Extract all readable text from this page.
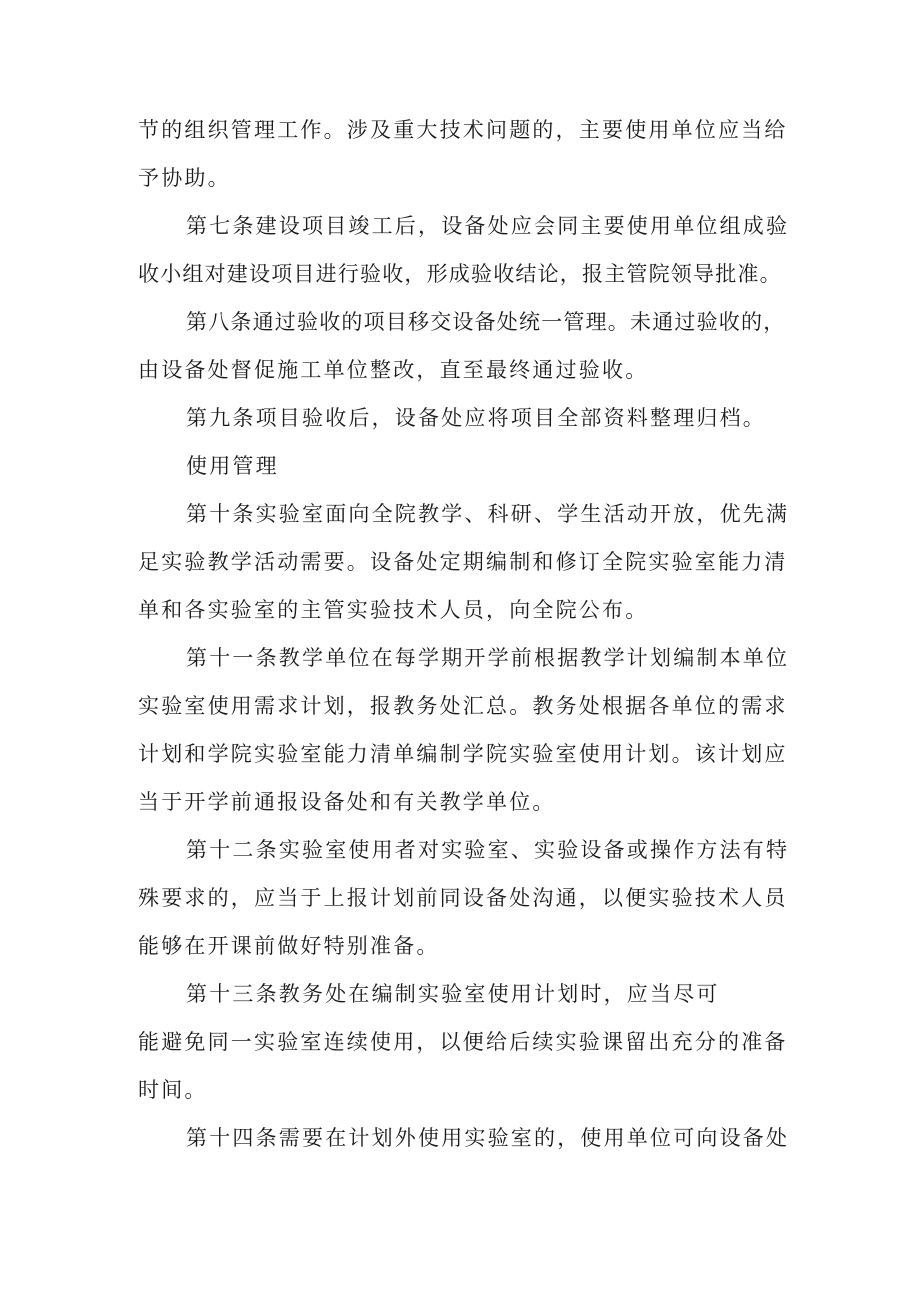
节的组织管理工作。涉及重大技术问题的，主要使用单位应当给
予协助。
第七条建设项目竣工后，设备处应会同主要使用单位组成验
收小组对建设项目进行验收，形成验收结论，报主管院领导批准。
第八条通过验收的项目移交设备处统一管理。未通过验收的，
由设备处督促施工单位整改，直至最终通过验收。
第九条项目验收后，设备处应将项目全部资料整理归档。
使用管理
第十条实验室面向全院教学、科研、学生活动开放，优先满
足实验教学活动需要。设备处定期编制和修订全院实验室能力清
单和各实验室的主管实验技术人员，向全院公布。
第十一条教学单位在每学期开学前根据教学计划编制本单位
实验室使用需求计划，报教务处汇总。教务处根据各单位的需求
计划和学院实验室能力清单编制学院实验室使用计划。该计划应
当于开学前通报设备处和有关教学单位。
第十二条实验室使用者对实验室、实验设备或操作方法有特
殊要求的，应当于上报计划前同设备处沟通，以便实验技术人员
能够在开课前做好特别准备。
第十三条教务处在编制实验室使用计划时，应当尽可
能避免同一实验室连续使用，以便给后续实验课留出充分的准备
时间。
第十四条需要在计划外使用实验室的，使用单位可向设备处
